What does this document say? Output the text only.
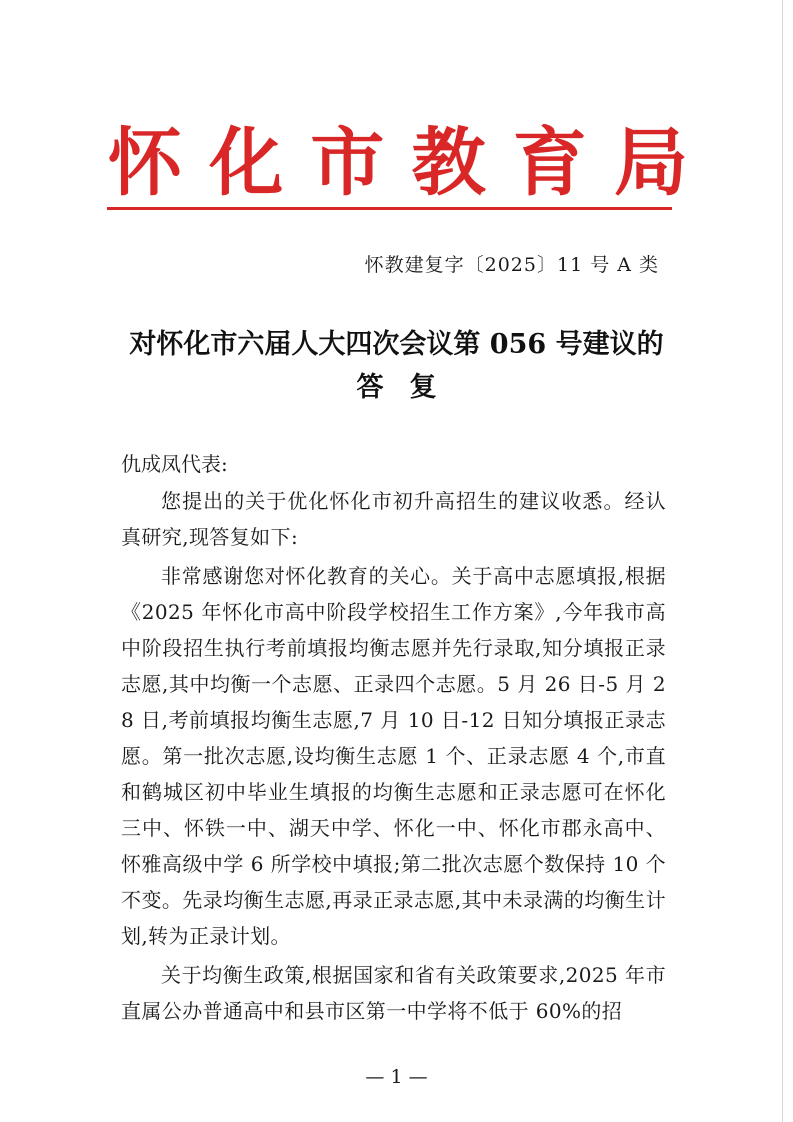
怀 化 市 教 育 局
怀教建复字〔2025〕11 号 A 类
对怀化市六届人大四次会议第 056 号建议的
答复
仇成凤代表:

您提出的关于优化怀化市初升高招生的建议收悉。经认真研究,现答复如下:

非常感谢您对怀化教育的关心。关于高中志愿填报,根据《2025 年怀化市高中阶段学校招生工作方案》,今年我市高中阶段招生执行考前填报均衡志愿并先行录取,知分填报正录志愿,其中均衡一个志愿、正录四个志愿。5 月 26 日-5 月 28 日,考前填报均衡生志愿,7 月 10 日-12 日知分填报正录志愿。第一批次志愿,设均衡生志愿 1 个、正录志愿 4 个,市直和鹤城区初中毕业生填报的均衡生志愿和正录志愿可在怀化三中、怀铁一中、湖天中学、怀化一中、怀化市郡永高中、怀雅高级中学 6 所学校中填报;第二批次志愿个数保持 10 个不变。先录均衡生志愿,再录正录志愿,其中未录满的均衡生计划,转为正录计划。

关于均衡生政策,根据国家和省有关政策要求,2025 年市直属公办普通高中和县市区第一中学将不低于 60%的招

— 1 —
